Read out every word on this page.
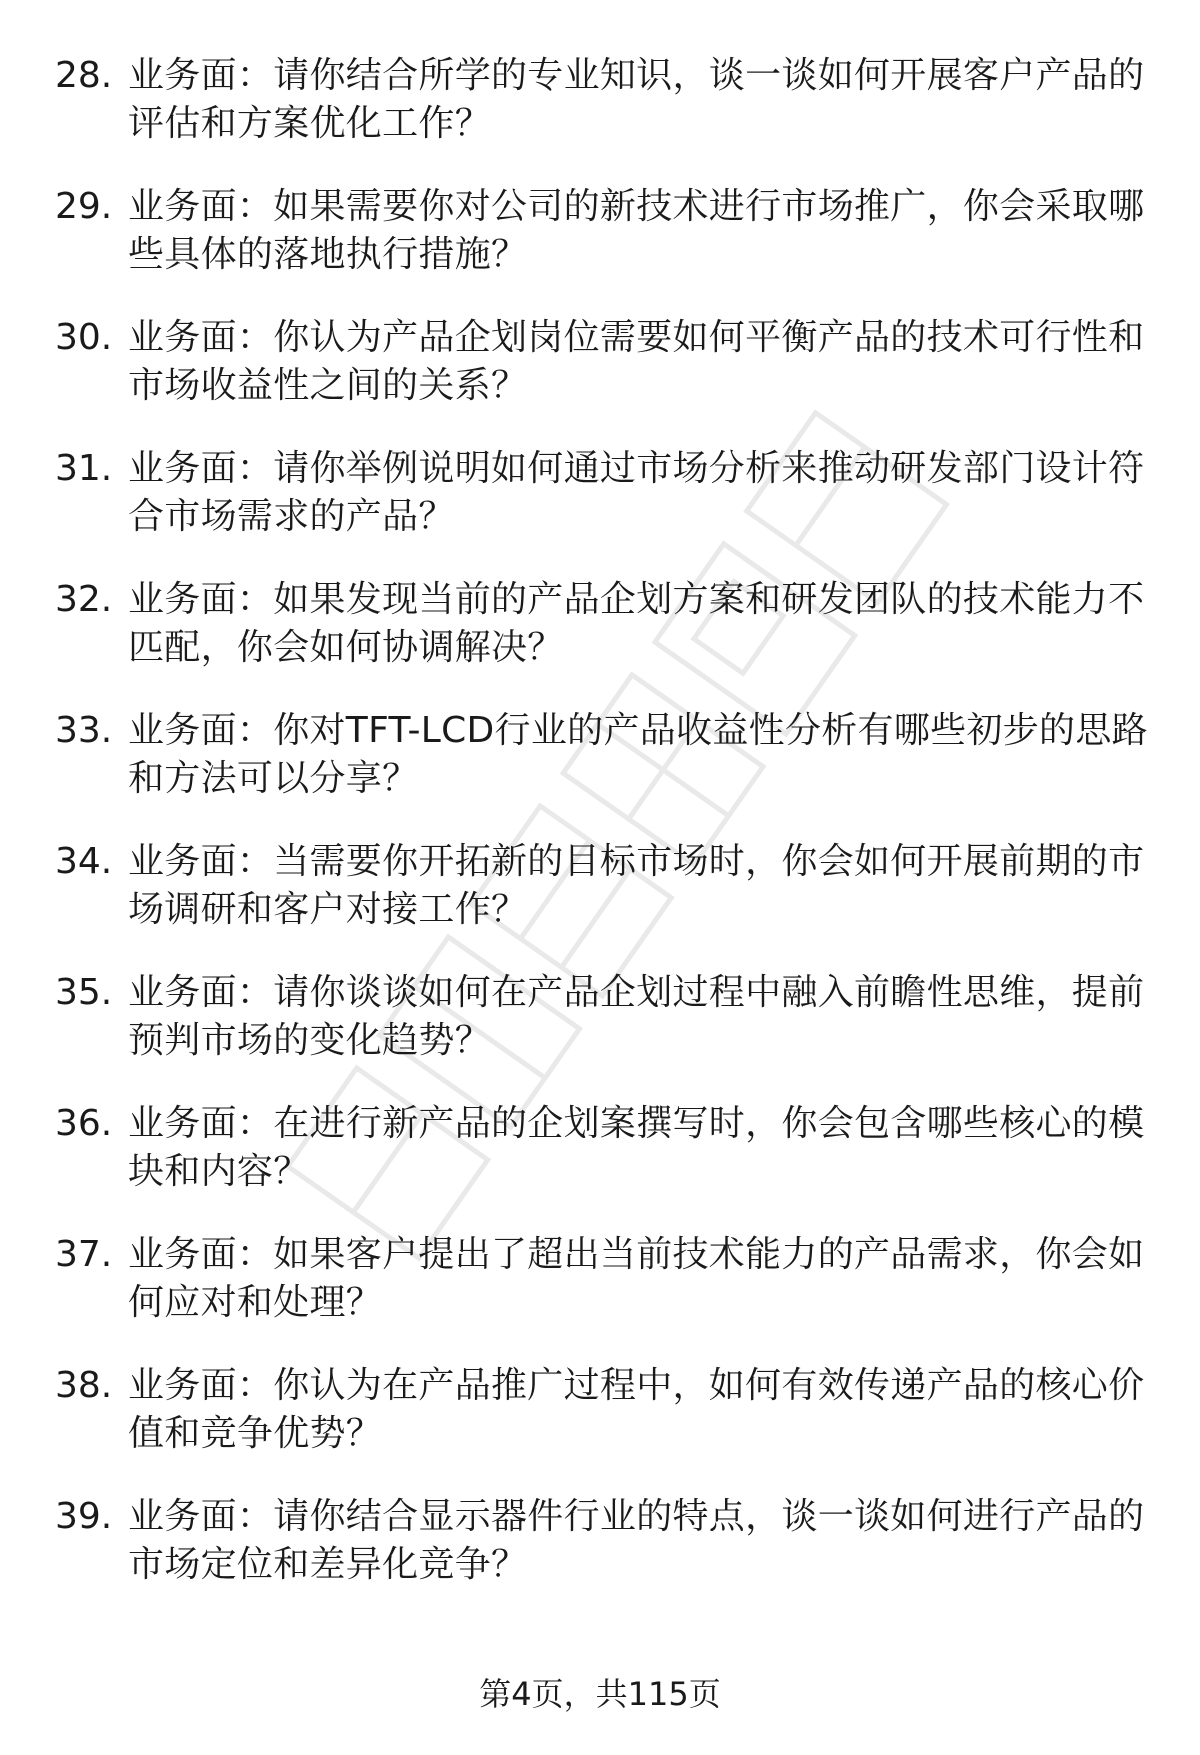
28. 业务面：请你结合所学的专业知识，谈一谈如何开展客户产品的评估和方案优化工作？
29. 业务面：如果需要你对公司的新技术进行市场推广，你会采取哪些具体的落地执行措施？
30. 业务面：你认为产品企划岗位需要如何平衡产品的技术可行性和市场收益性之间的关系？
31. 业务面：请你举例说明如何通过市场分析来推动研发部门设计符合市场需求的产品？
32. 业务面：如果发现当前的产品企划方案和研发团队的技术能力不匹配，你会如何协调解决？
33. 业务面：你对TFT-LCD行业的产品收益性分析有哪些初步的思路和方法可以分享？
34. 业务面：当需要你开拓新的目标市场时，你会如何开展前期的市场调研和客户对接工作？
35. 业务面：请你谈谈如何在产品企划过程中融入前瞻性思维，提前预判市场的变化趋势？
36. 业务面：在进行新产品的企划案撰写时，你会包含哪些核心的模块和内容？
37. 业务面：如果客户提出了超出当前技术能力的产品需求，你会如何应对和处理？
38. 业务面：你认为在产品推广过程中，如何有效传递产品的核心价值和竞争优势？
39. 业务面：请你结合显示器件行业的特点，谈一谈如何进行产品的市场定位和差异化竞争？
第4页，共115页
